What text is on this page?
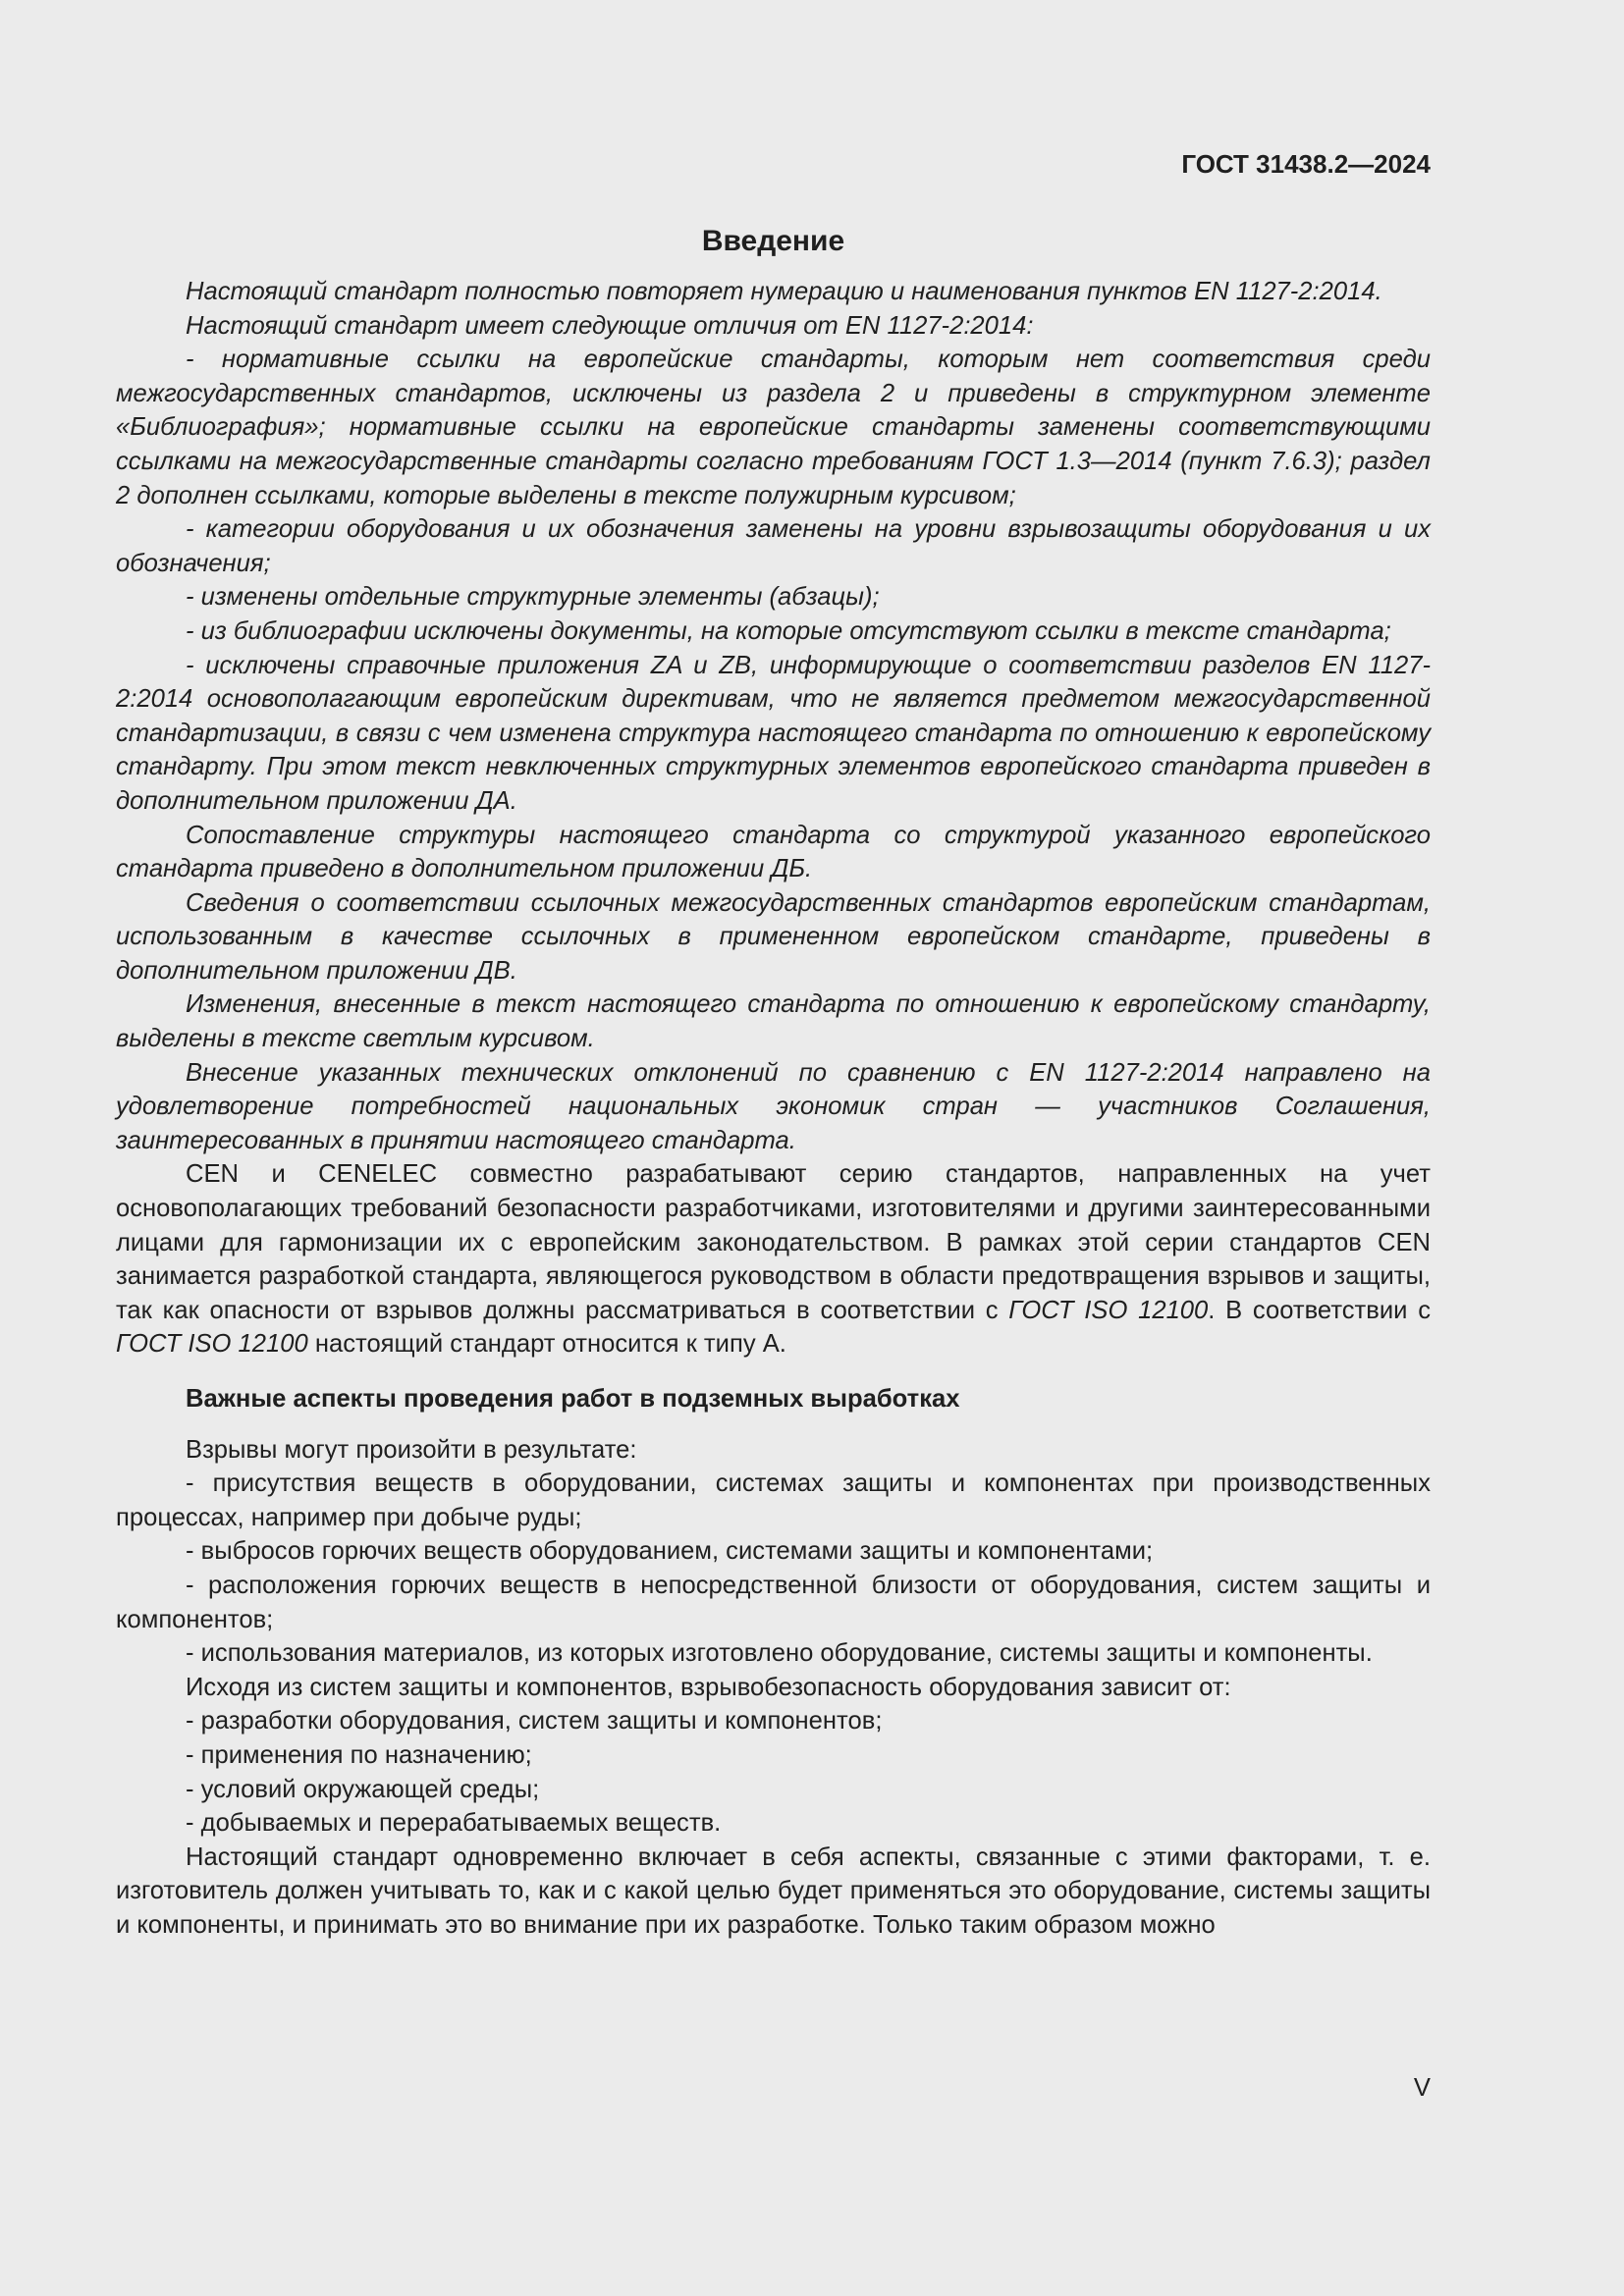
ГОСТ 31438.2—2024
Введение

Настоящий стандарт полностью повторяет нумерацию и наименования пунктов EN 1127-2:2014.

Настоящий стандарт имеет следующие отличия от EN 1127-2:2014:

- нормативные ссылки на европейские стандарты, которым нет соответствия среди межгосударственных стандартов, исключены из раздела 2 и приведены в структурном элементе «Библиография»; нормативные ссылки на европейские стандарты заменены соответствующими ссылками на межгосударственные стандарты согласно требованиям ГОСТ 1.3—2014 (пункт 7.6.3); раздел 2 дополнен ссылками, которые выделены в тексте полужирным курсивом;

- категории оборудования и их обозначения заменены на уровни взрывозащиты оборудования и их обозначения;

- изменены отдельные структурные элементы (абзацы);

- из библиографии исключены документы, на которые отсутствуют ссылки в тексте стандарта;

- исключены справочные приложения ZA и ZB, информирующие о соответствии разделов EN 1127-2:2014 основополагающим европейским директивам, что не является предметом межгосударственной стандартизации, в связи с чем изменена структура настоящего стандарта по отношению к европейскому стандарту. При этом текст невключенных структурных элементов европейского стандарта приведен в дополнительном приложении ДА.

Сопоставление структуры настоящего стандарта со структурой указанного европейского стандарта приведено в дополнительном приложении ДБ.

Сведения о соответствии ссылочных межгосударственных стандартов европейским стандартам, использованным в качестве ссылочных в примененном европейском стандарте, приведены в дополнительном приложении ДВ.

Изменения, внесенные в текст настоящего стандарта по отношению к европейскому стандарту, выделены в тексте светлым курсивом.

Внесение указанных технических отклонений по сравнению с EN 1127-2:2014 направлено на удовлетворение потребностей национальных экономик стран — участников Соглашения, заинтересованных в принятии настоящего стандарта.

CEN и CENELEC совместно разрабатывают серию стандартов, направленных на учет основополагающих требований безопасности разработчиками, изготовителями и другими заинтересованными лицами для гармонизации их с европейским законодательством. В рамках этой серии стандартов CEN занимается разработкой стандарта, являющегося руководством в области предотвращения взрывов и защиты, так как опасности от взрывов должны рассматриваться в соответствии с ГОСТ ISO 12100. В соответствии с ГОСТ ISO 12100 настоящий стандарт относится к типу А.

Важные аспекты проведения работ в подземных выработках

Взрывы могут произойти в результате:

- присутствия веществ в оборудовании, системах защиты и компонентах при производственных процессах, например при добыче руды;

- выбросов горючих веществ оборудованием, системами защиты и компонентами;

- расположения горючих веществ в непосредственной близости от оборудования, систем защиты и компонентов;

- использования материалов, из которых изготовлено оборудование, системы защиты и компоненты.

Исходя из систем защиты и компонентов, взрывобезопасность оборудования зависит от:

- разработки оборудования, систем защиты и компонентов;

- применения по назначению;

- условий окружающей среды;

- добываемых и перерабатываемых веществ.

Настоящий стандарт одновременно включает в себя аспекты, связанные с этими факторами, т. е. изготовитель должен учитывать то, как и с какой целью будет применяться это оборудование, системы защиты и компоненты, и принимать это во внимание при их разработке. Только таким образом можно

V
